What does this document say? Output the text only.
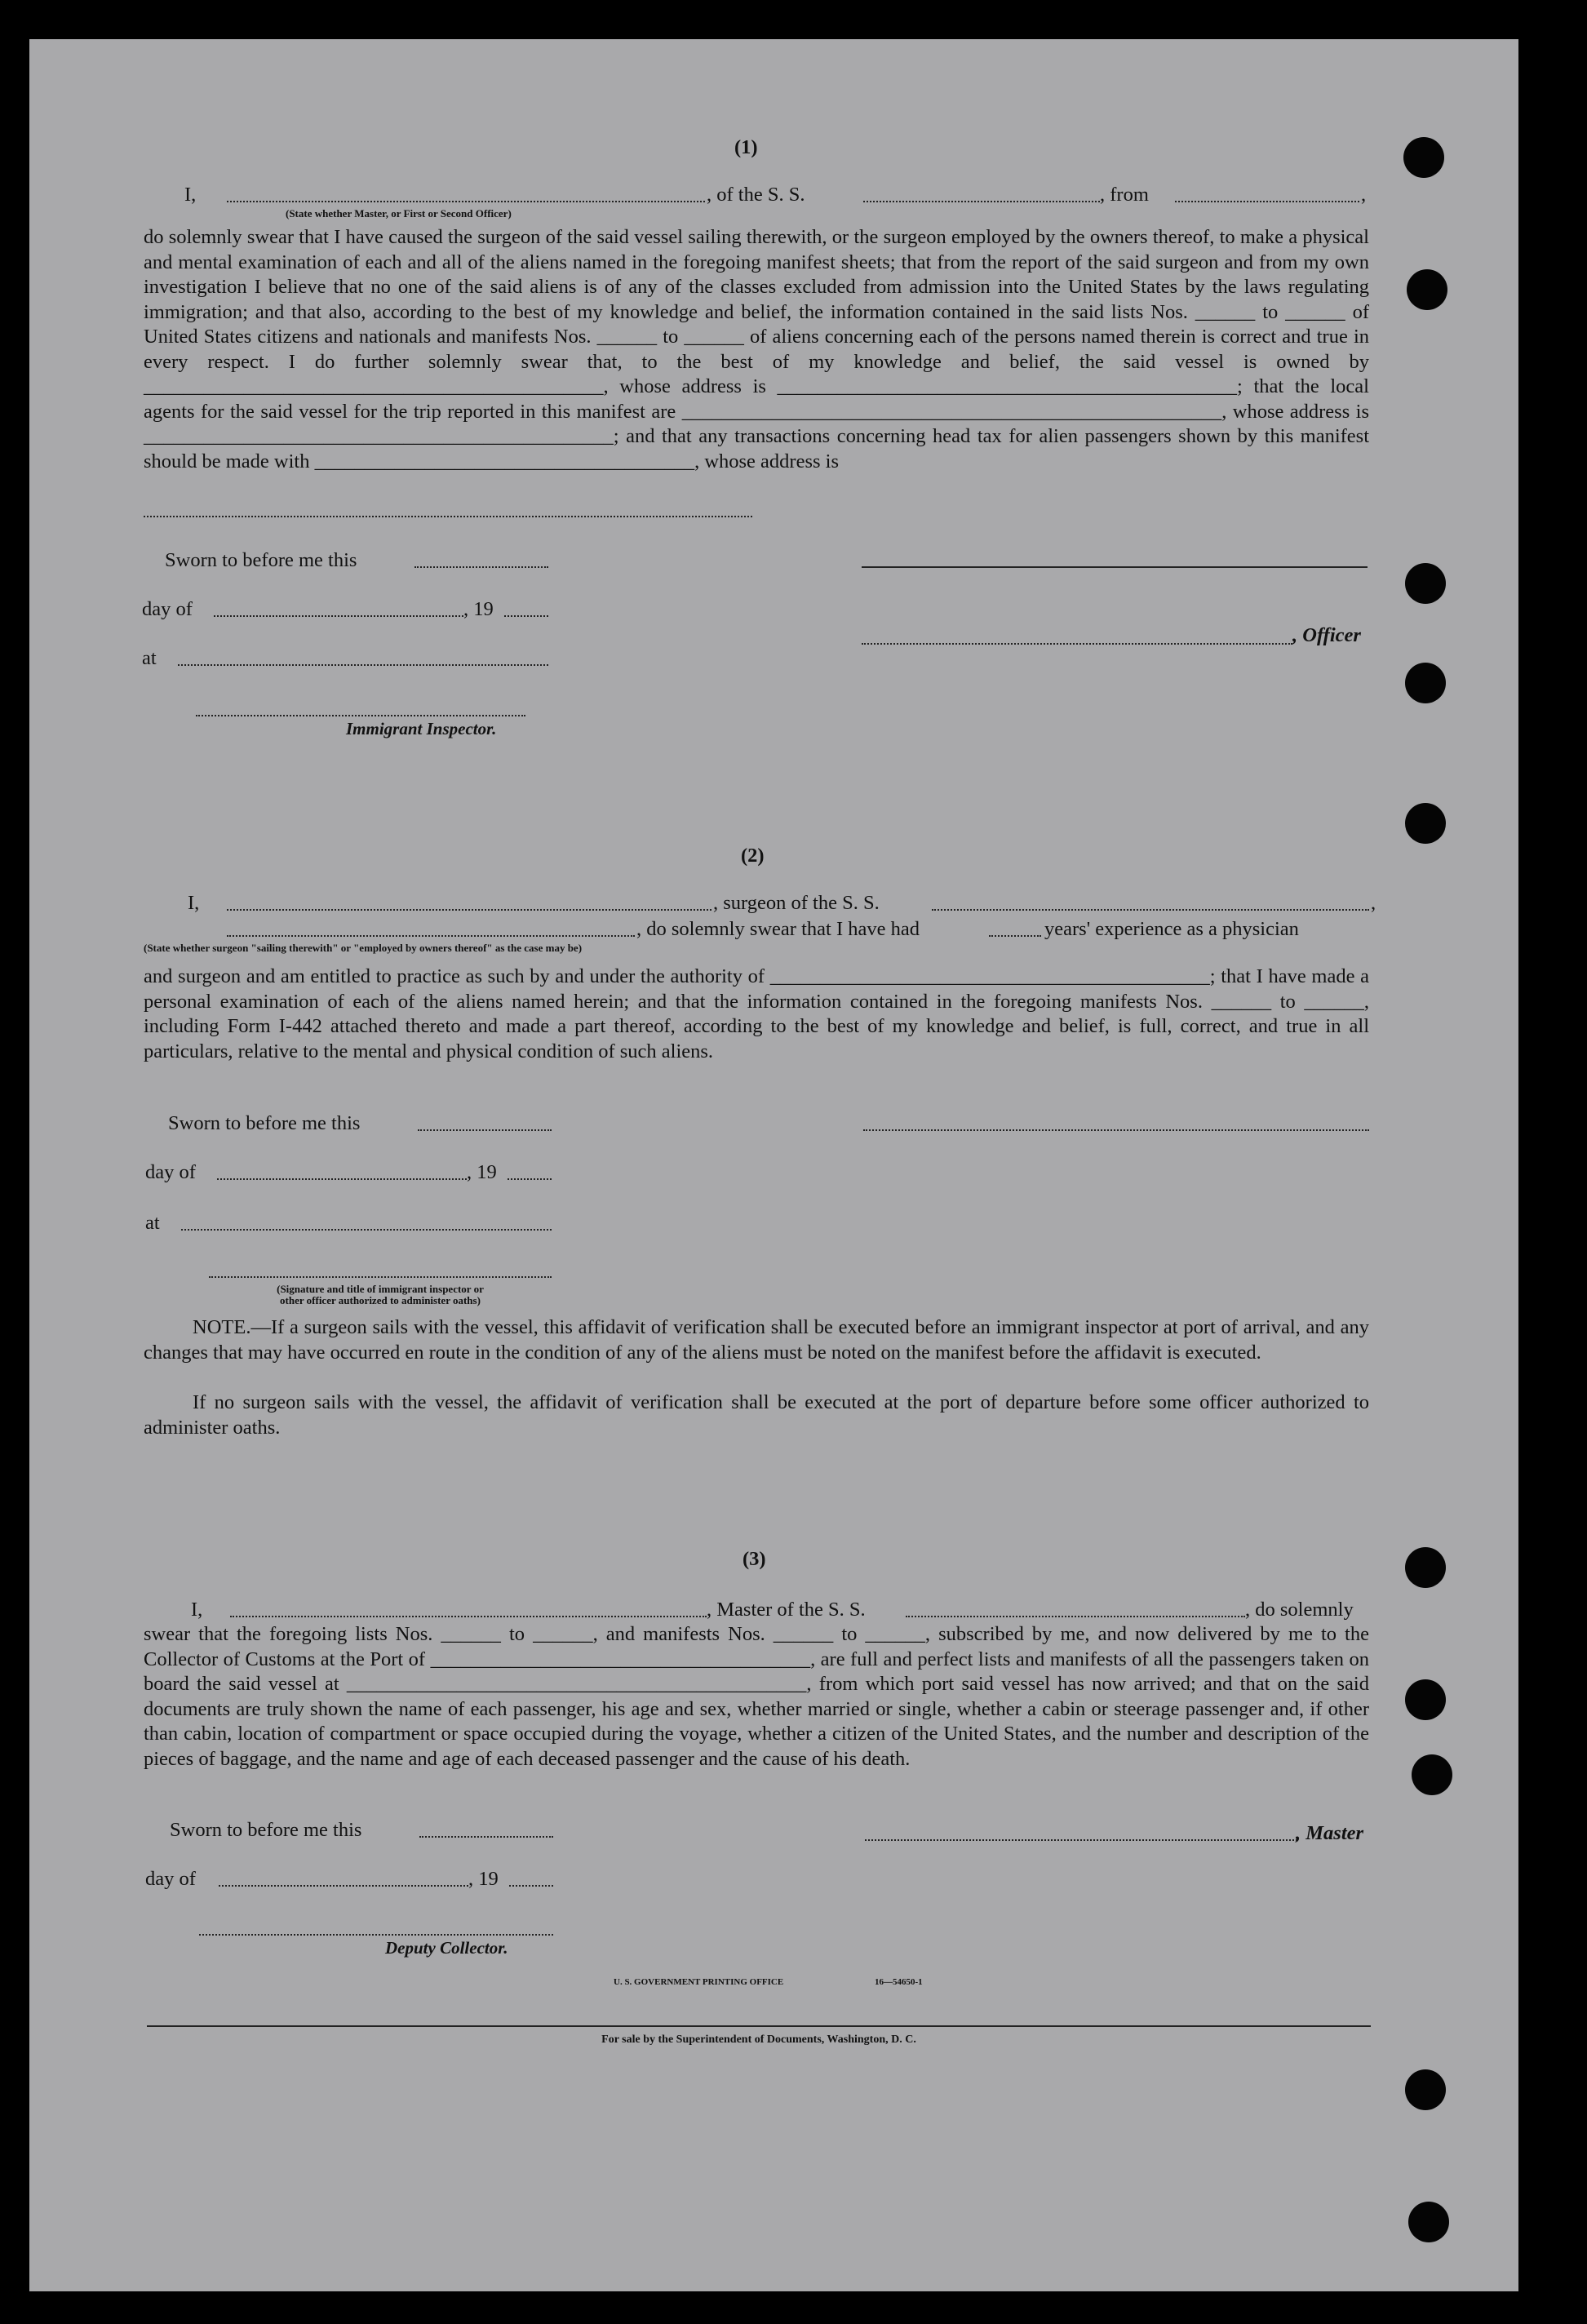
(1)
I,
(State whether Master, or First or Second Officer)
, of the S. S.	, from	,
do solemnly swear that I have caused the surgeon of the said vessel sailing therewith, or the surgeon employed by the owners thereof, to make a physical and mental examination of each and all of the aliens named in the foregoing manifest sheets; that from the report of the said surgeon and from my own investigation I believe that no one of the said aliens is of any of the classes excluded from admission into the United States by the laws regulating immigration; and that also, according to the best of my knowledge and belief, the information contained in the said lists Nos. ______ to ______ of United States citizens and nationals and manifests Nos. ______ to ______ of aliens concerning each of the persons named therein is correct and true in every respect. I do further solemnly swear that, to the best of my knowledge and belief, the said vessel is owned by ______________________________________________, whose address is ______________________________________________; that the local agents for the said vessel for the trip reported in this manifest are ______________________________________________________, whose address is _______________________________________________; and that any transactions concerning head tax for alien passengers shown by this manifest should be made with ______________________________________, whose address is
Sworn to before me this
day of	, 19
, Officer
at
Immigrant Inspector.
(2)
I,	, surgeon of the S. S.	,
, do solemnly swear that I have had	years' experience as a physician
(State whether surgeon "sailing therewith" or "employed by owners thereof" as the case may be)
and surgeon and am entitled to practice as such by and under the authority of ____________________________________________; that I have made a personal examination of each of the aliens named herein; and that the information contained in the foregoing manifests Nos. ______ to ______, including Form I-442 attached thereto and made a part thereof, according to the best of my knowledge and belief, is full, correct, and true in all particulars, relative to the mental and physical condition of such aliens.
Sworn to before me this
day of	, 19
at
(Signature and title of immigrant inspector or
other officer authorized to administer oaths)
NOTE.—If a surgeon sails with the vessel, this affidavit of verification shall be executed before an immigrant inspector at port of arrival, and any changes that may have occurred en route in the condition of any of the aliens must be noted on the manifest before the affidavit is executed.
If no surgeon sails with the vessel, the affidavit of verification shall be executed at the port of departure before some officer authorized to administer oaths.
(3)
I,	, Master of the S. S.	, do solemnly
swear that the foregoing lists Nos. ______ to ______, and manifests Nos. ______ to ______, subscribed by me, and now delivered by me to the Collector of Customs at the Port of ______________________________________, are full and perfect lists and manifests of all the passengers taken on board the said vessel at ______________________________________________, from which port said vessel has now arrived; and that on the said documents are truly shown the name of each passenger, his age and sex, whether married or single, whether a cabin or steerage passenger and, if other than cabin, location of compartment or space occupied during the voyage, whether a citizen of the United States, and the number and description of the pieces of baggage, and the name and age of each deceased passenger and the cause of his death.
Sworn to before me this	, Master
day of	, 19
Deputy Collector.
U. S. GOVERNMENT PRINTING OFFICE	16—54650-1
For sale by the Superintendent of Documents, Washington, D. C.
